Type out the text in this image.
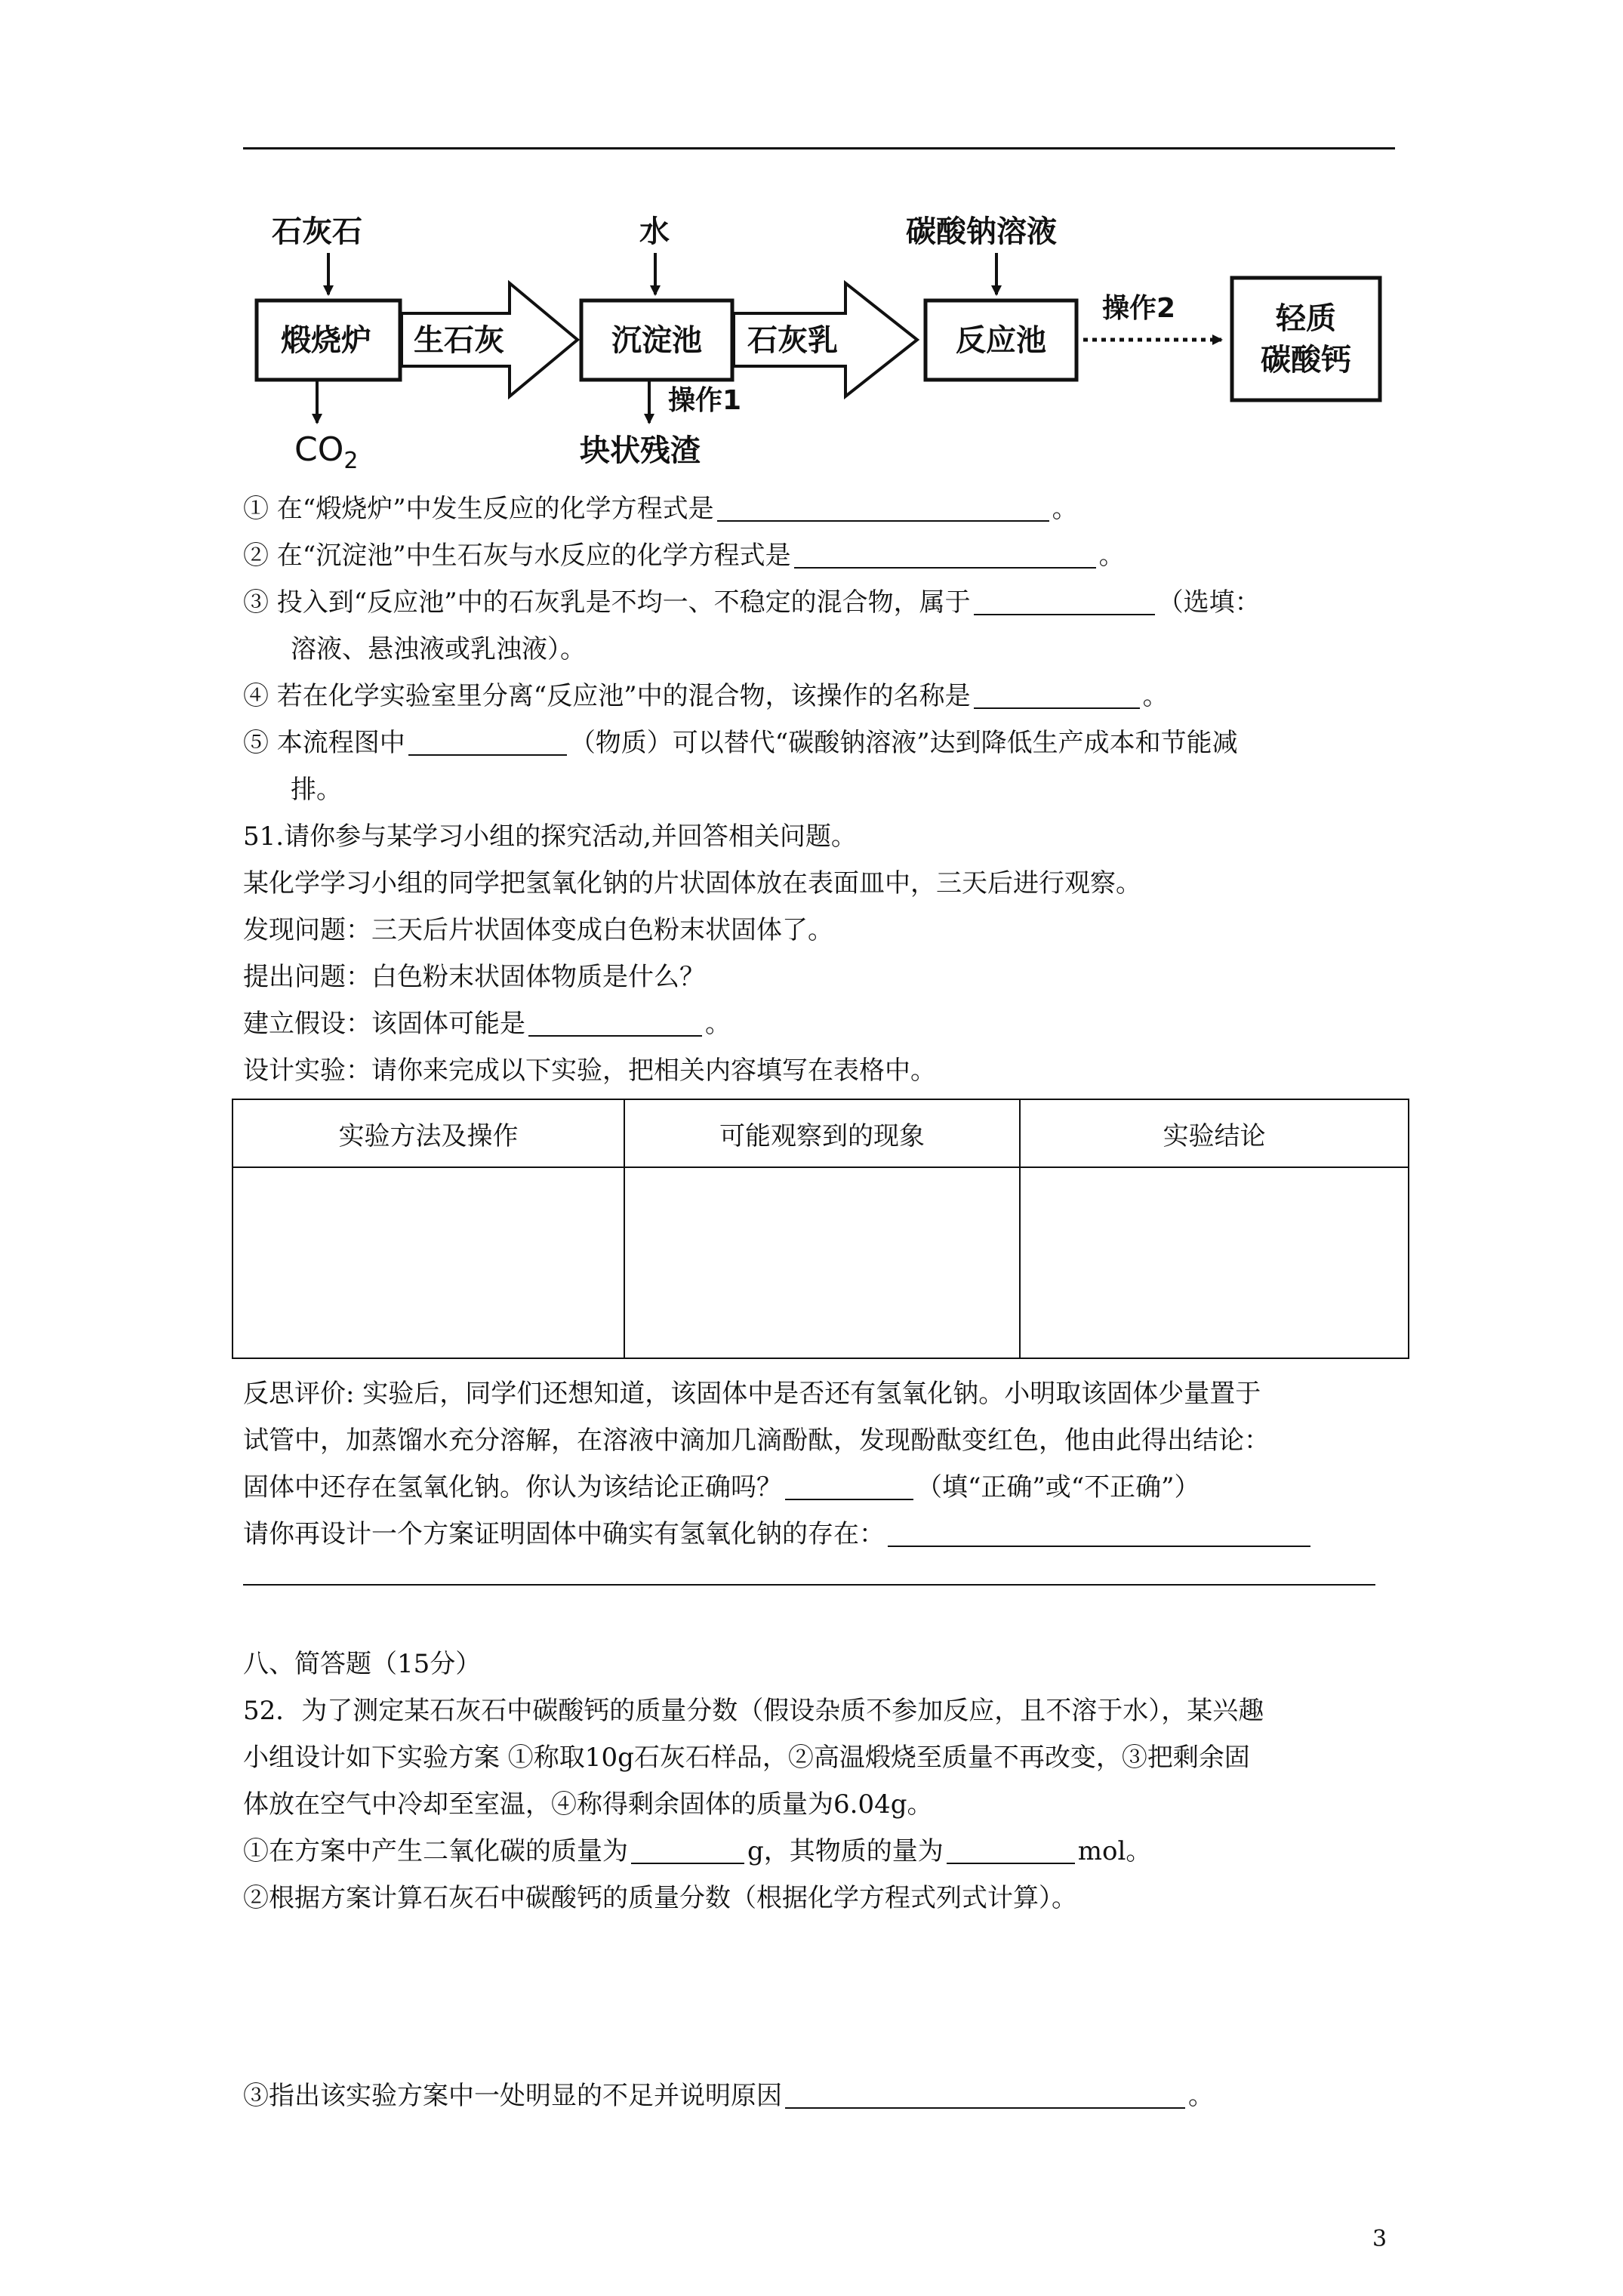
石灰石	水	碳酸钠溶液
煅烧炉	沉淀池	反应池
轻质
碳酸钙
生石灰	石灰乳
操作2
$CO_2$
操作1
块状残渣
① 在“煅烧炉”中发生反应的化学方程式是	。
② 在“沉淀池”中生石灰与水反应的化学方程式是	。
③ 投入到“反应池”中的石灰乳是不均一、不稳定的混合物，属于	（选填：
溶液、悬浊液或乳浊液）。
④ 若在化学实验室里分离“反应池”中的混合物，该操作的名称是	。
⑤ 本流程图中	（物质）可以替代“碳酸钠溶液”达到降低生产成本和节能减
排。
51.请你参与某学习小组的探究活动,并回答相关问题。
某化学学习小组的同学把氢氧化钠的片状固体放在表面皿中，三天后进行观察。
发现问题：三天后片状固体变成白色粉末状固体了。
提出问题：白色粉末状固体物质是什么？
建立假设：该固体可能是	。
设计实验：请你来完成以下实验，把相关内容填写在表格中。
实验方法及操作	可能观察到的现象	实验结论

反思评价: 实验后，同学们还想知道，该固体中是否还有氢氧化钠。小明取该固体少量置于
试管中，加蒸馏水充分溶解，在溶液中滴加几滴酚酞，发现酚酞变红色，他由此得出结论：
固体中还存在氢氧化钠。你认为该结论正确吗？	（填“正确”或“不正确”）
请你再设计一个方案证明固体中确实有氢氧化钠的存在：
八、简答题（15分）
52．为了测定某石灰石中碳酸钙的质量分数（假设杂质不参加反应，且不溶于水），某兴趣
小组设计如下实验方案 ①称取10g石灰石样品，②高温煅烧至质量不再改变，③把剩余固
体放在空气中冷却至室温，④称得剩余固体的质量为6.04g。
①在方案中产生二氧化碳的质量为	g，其物质的量为	mol。
②根据方案计算石灰石中碳酸钙的质量分数（根据化学方程式列式计算）。
③指出该实验方案中一处明显的不足并说明原因	。
3
